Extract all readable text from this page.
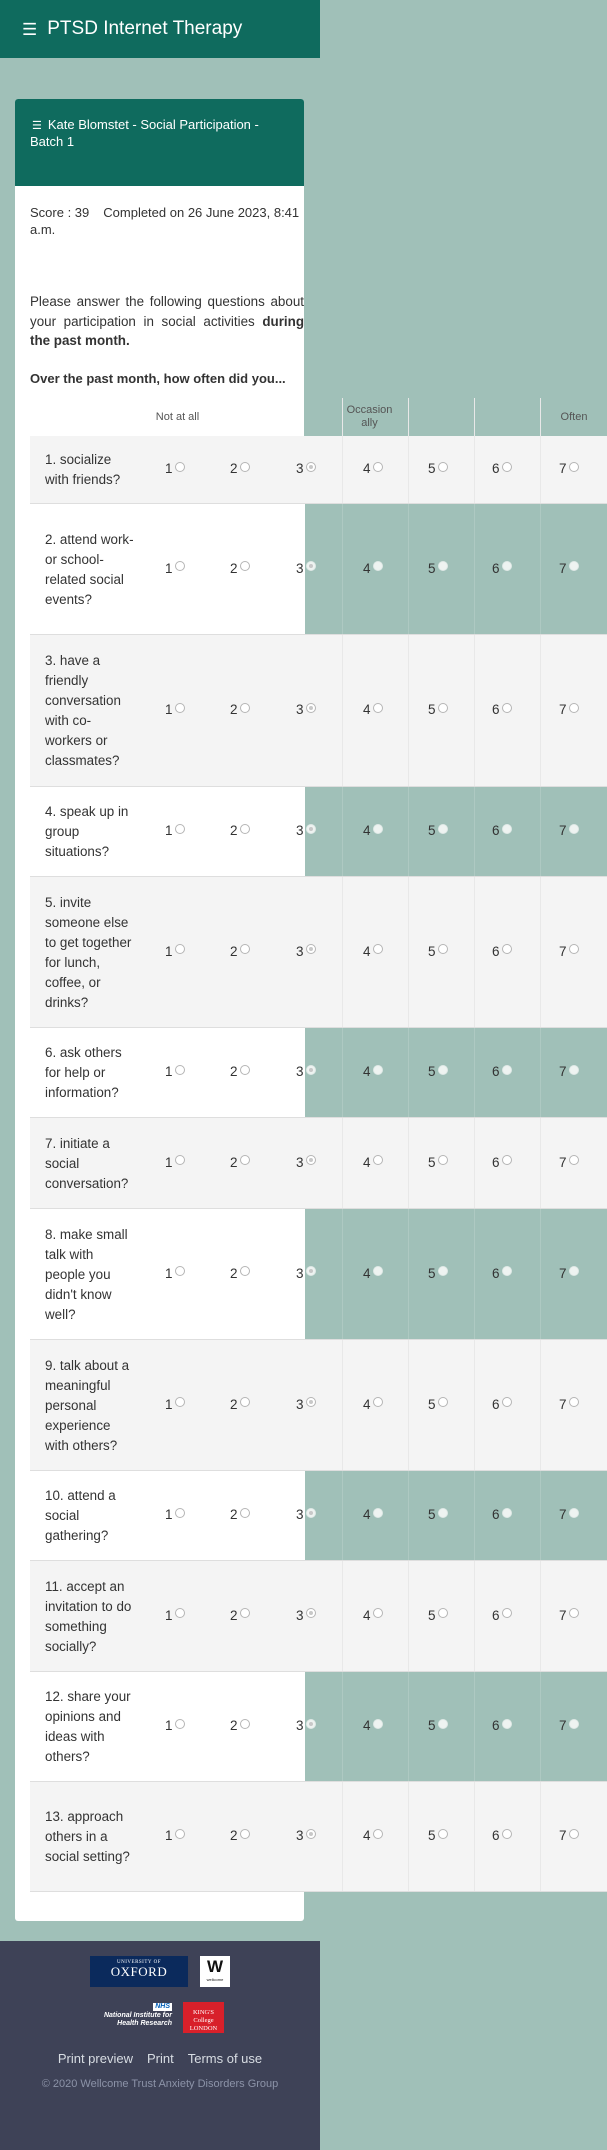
☰ PTSD Internet Therapy
☰ Kate Blomstet - Social Participation - Batch 1
Score : 39 Completed on 26 June 2023, 8:41 a.m.
Please answer the following questions about your participation in social activities during the past month.
Over the past month, how often did you...
Not at all
Occasion ally
Often
1. socialize with friends?
1	2	3	4	5	6	7
2. attend work- or school-related social events?
1	2	3	4	5	6	7
3. have a friendly conversation with co-workers or classmates?
1	2	3	4	5	6	7
4. speak up in group situations?
1	2	3	4	5	6	7
5. invite someone else to get together for lunch, coffee, or drinks?
1	2	3	4	5	6	7
6. ask others for help or information?
1	2	3	4	5	6	7
7. initiate a social conversation?
1	2	3	4	5	6	7
8. make small talk with people you didn't know well?
1	2	3	4	5	6	7
9. talk about a meaningful personal experience with others?
1	2	3	4	5	6	7
10. attend a social gathering?
1	2	3	4	5	6	7
11. accept an invitation to do something socially?
1	2	3	4	5	6	7
12. share your opinions and ideas with others?
1	2	3	4	5	6	7
13. approach others in a social setting?
1	2	3	4	5	6	7
UNIVERSITY OF
OXFORD	W
wellcome
NHS
National Institute for Health Research
KING'S College LONDON
Print preview Print Terms of use
© 2020 Wellcome Trust Anxiety Disorders Group
